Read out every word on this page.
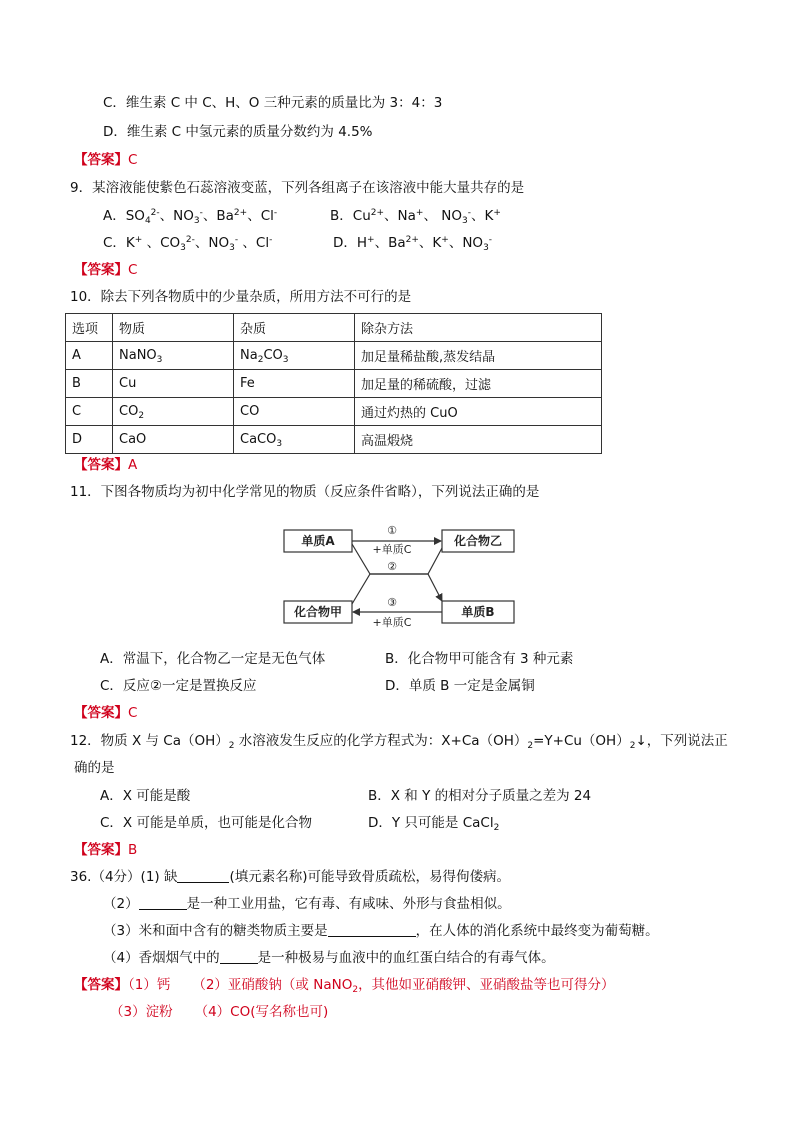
C．维生素 C 中 C、H、O 三种元素的质量比为 3：4：3
D．维生素 C 中氢元素的质量分数约为 4.5%
【答案】C
9．某溶液能使紫色石蕊溶液变蓝，下列各组离子在该溶液中能大量共存的是
A．$SO_4^{2-}$、$NO_3^-$、$Ba^{2+}$、Cl-	B．$Cu^{2+}$、Na+、 $NO_3^-$、K+
C．K+ 、$CO_3^{2-}$、$NO_3^-$ 、Cl-	D．H+、$Ba^{2+}$、K+、$NO_3^-$
【答案】C
10．除去下列各物质中的少量杂质，所用方法不可行的是
选项	物质	杂质	除杂方法
A	NaNO$_3$	$Na_2CO_3$	加足量稀盐酸,蒸发结晶
B	Cu	Fe	加足量的稀硫酸，过滤
C	$CO_2$	CO	通过灼热的 CuO
D	CaO	CaCO$_3$	高温煅烧
【答案】A
11．下图各物质均为初中化学常见的物质（反应条件省略），下列说法正确的是
单质A	化合物乙
化合物甲	单质B
①
+单质C
②
③
+单质C
A．常温下，化合物乙一定是无色气体	B．化合物甲可能含有 3 种元素
C．反应②一定是置换反应	D．单质 B 一定是金属铜
【答案】C
12．物质 X 与 $Ca(OH)_2$ 水溶液发生反应的化学方程式为：$X+Ca(OH)_2=Y+Cu(OH)_2↓$，下列说法正
确的是
A．X 可能是酸	B．X 和 Y 的相对分子质量之差为 24
C．X 可能是单质，也可能是化合物	D．Y 只可能是 CaCl$_2$
【答案】B
36.（4分）(1) 缺	(填元素名称)可能导致骨质疏松，易得佝偻病。
（2）	是一种工业用盐，它有毒、有咸味、外形与食盐相似。
（3）米和面中含有的糖类物质主要是	，在人体的消化系统中最终变为葡萄糖。
（4）香烟烟气中的	是一种极易与血液中的血红蛋白结合的有毒气体。
【答案】（1）钙 （2）亚硝酸钠（或 NaNO$_2$，其他如亚硝酸钾、亚硝酸盐等也可得分）
（3）淀粉 （4）CO(写名称也可)
